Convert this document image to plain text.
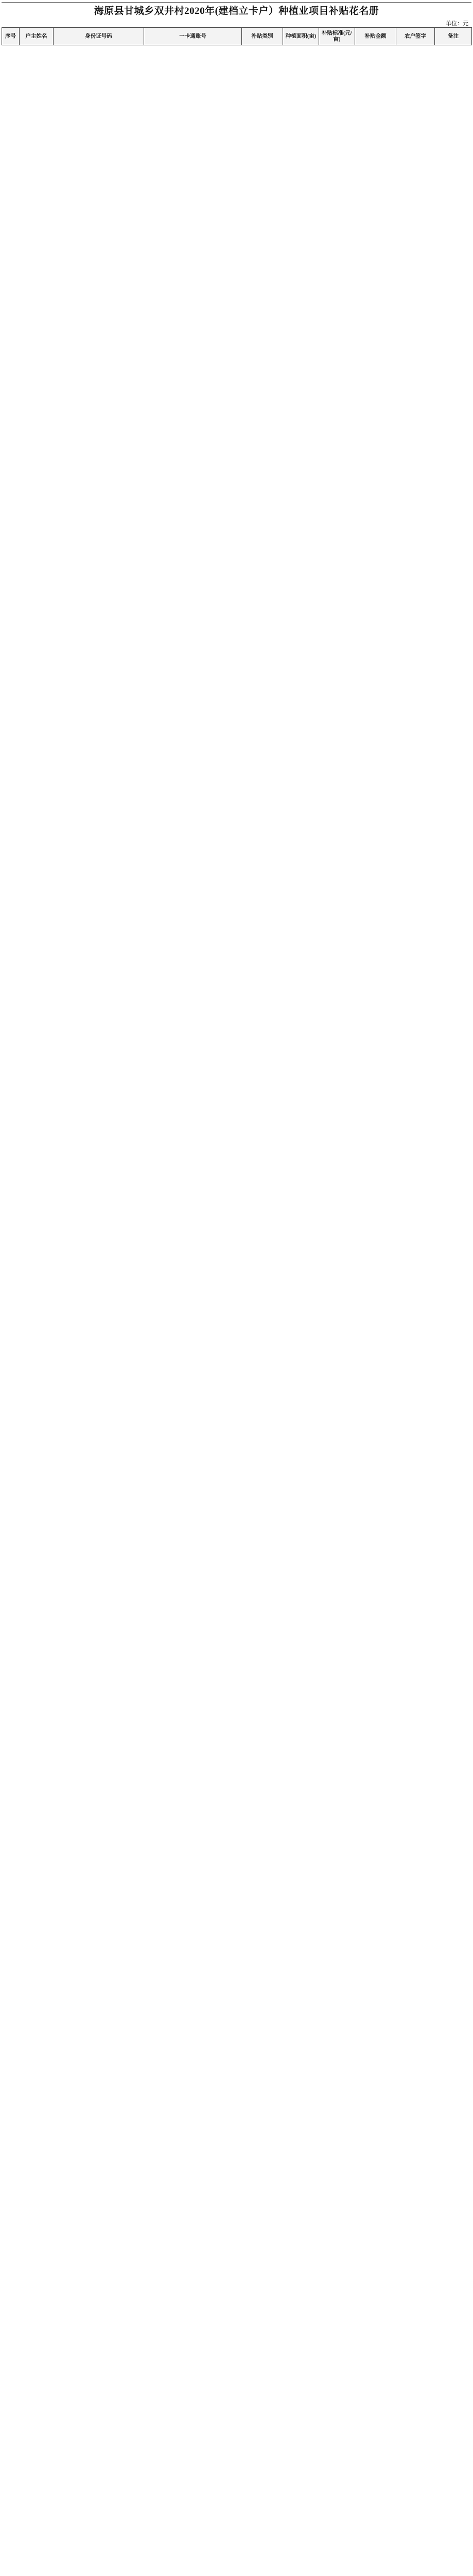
海原县甘城乡双井村2020年(建档立卡户）种植业项目补贴花名册
单位：元
序号	户主姓名	身份证号码	一卡通账号	补贴类别	种植面积(亩)	补贴标准(元/亩)	补贴金额	农户签字	备注
